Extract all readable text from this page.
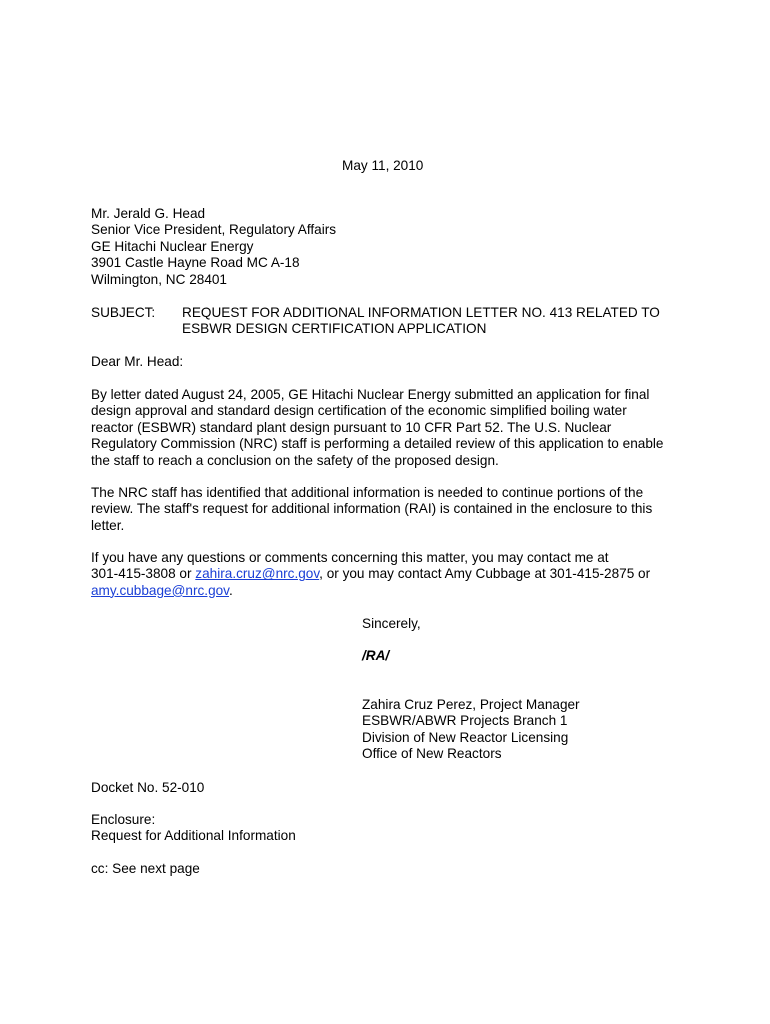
May 11, 2010
Mr. Jerald G. Head
Senior Vice President, Regulatory Affairs
GE Hitachi Nuclear Energy
3901 Castle Hayne Road MC A-18
Wilmington, NC 28401
SUBJECT: REQUEST FOR ADDITIONAL INFORMATION LETTER NO. 413 RELATED TO
ESBWR DESIGN CERTIFICATION APPLICATION
Dear Mr. Head:
By letter dated August 24, 2005, GE Hitachi Nuclear Energy submitted an application for final
design approval and standard design certification of the economic simplified boiling water
reactor (ESBWR) standard plant design pursuant to 10 CFR Part 52. The U.S. Nuclear
Regulatory Commission (NRC) staff is performing a detailed review of this application to enable
the staff to reach a conclusion on the safety of the proposed design.
The NRC staff has identified that additional information is needed to continue portions of the
review. The staff's request for additional information (RAI) is contained in the enclosure to this
letter.
If you have any questions or comments concerning this matter, you may contact me at
301-415-3808 or zahira.cruz@nrc.gov, or you may contact Amy Cubbage at 301-415-2875 or
amy.cubbage@nrc.gov.
Sincerely,
/RA/
Zahira Cruz Perez, Project Manager
ESBWR/ABWR Projects Branch 1
Division of New Reactor Licensing
Office of New Reactors
Docket No. 52-010
Enclosure:
Request for Additional Information
cc: See next page
